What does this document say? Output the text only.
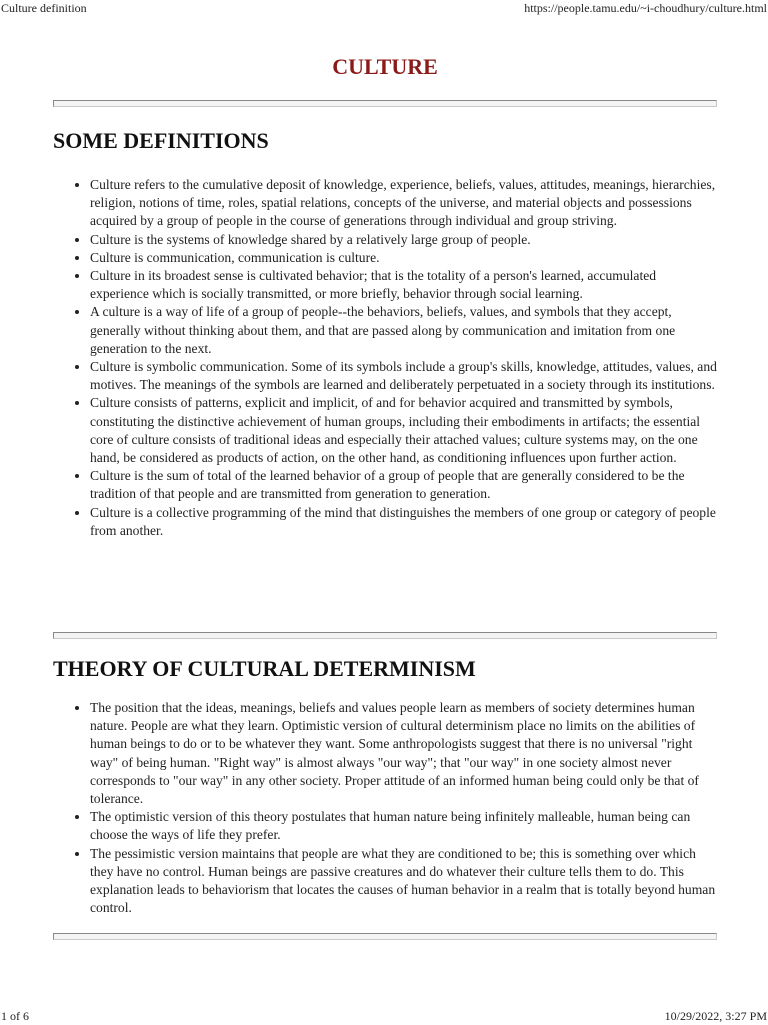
Culture definition	https://people.tamu.edu/~i-choudhury/culture.html
CULTURE
SOME DEFINITIONS
• Culture refers to the cumulative deposit of knowledge, experience, beliefs, values, attitudes, meanings, hierarchies, religion, notions of time, roles, spatial relations, concepts of the universe, and material objects and possessions acquired by a group of people in the course of generations through individual and group striving.
• Culture is the systems of knowledge shared by a relatively large group of people.
• Culture is communication, communication is culture.
• Culture in its broadest sense is cultivated behavior; that is the totality of a person's learned, accumulated experience which is socially transmitted, or more briefly, behavior through social learning.
• A culture is a way of life of a group of people--the behaviors, beliefs, values, and symbols that they accept, generally without thinking about them, and that are passed along by communication and imitation from one generation to the next.
• Culture is symbolic communication. Some of its symbols include a group's skills, knowledge, attitudes, values, and motives. The meanings of the symbols are learned and deliberately perpetuated in a society through its institutions.
• Culture consists of patterns, explicit and implicit, of and for behavior acquired and transmitted by symbols, constituting the distinctive achievement of human groups, including their embodiments in artifacts; the essential core of culture consists of traditional ideas and especially their attached values; culture systems may, on the one hand, be considered as products of action, on the other hand, as conditioning influences upon further action.
• Culture is the sum of total of the learned behavior of a group of people that are generally considered to be the tradition of that people and are transmitted from generation to generation.
• Culture is a collective programming of the mind that distinguishes the members of one group or category of people from another.
THEORY OF CULTURAL DETERMINISM
• The position that the ideas, meanings, beliefs and values people learn as members of society determines human nature. People are what they learn. Optimistic version of cultural determinism place no limits on the abilities of human beings to do or to be whatever they want. Some anthropologists suggest that there is no universal "right way" of being human. "Right way" is almost always "our way"; that "our way" in one society almost never corresponds to "our way" in any other society. Proper attitude of an informed human being could only be that of tolerance.
• The optimistic version of this theory postulates that human nature being infinitely malleable, human being can choose the ways of life they prefer.
• The pessimistic version maintains that people are what they are conditioned to be; this is something over which they have no control. Human beings are passive creatures and do whatever their culture tells them to do. This explanation leads to behaviorism that locates the causes of human behavior in a realm that is totally beyond human control.
1 of 6	10/29/2022, 3:27 PM
